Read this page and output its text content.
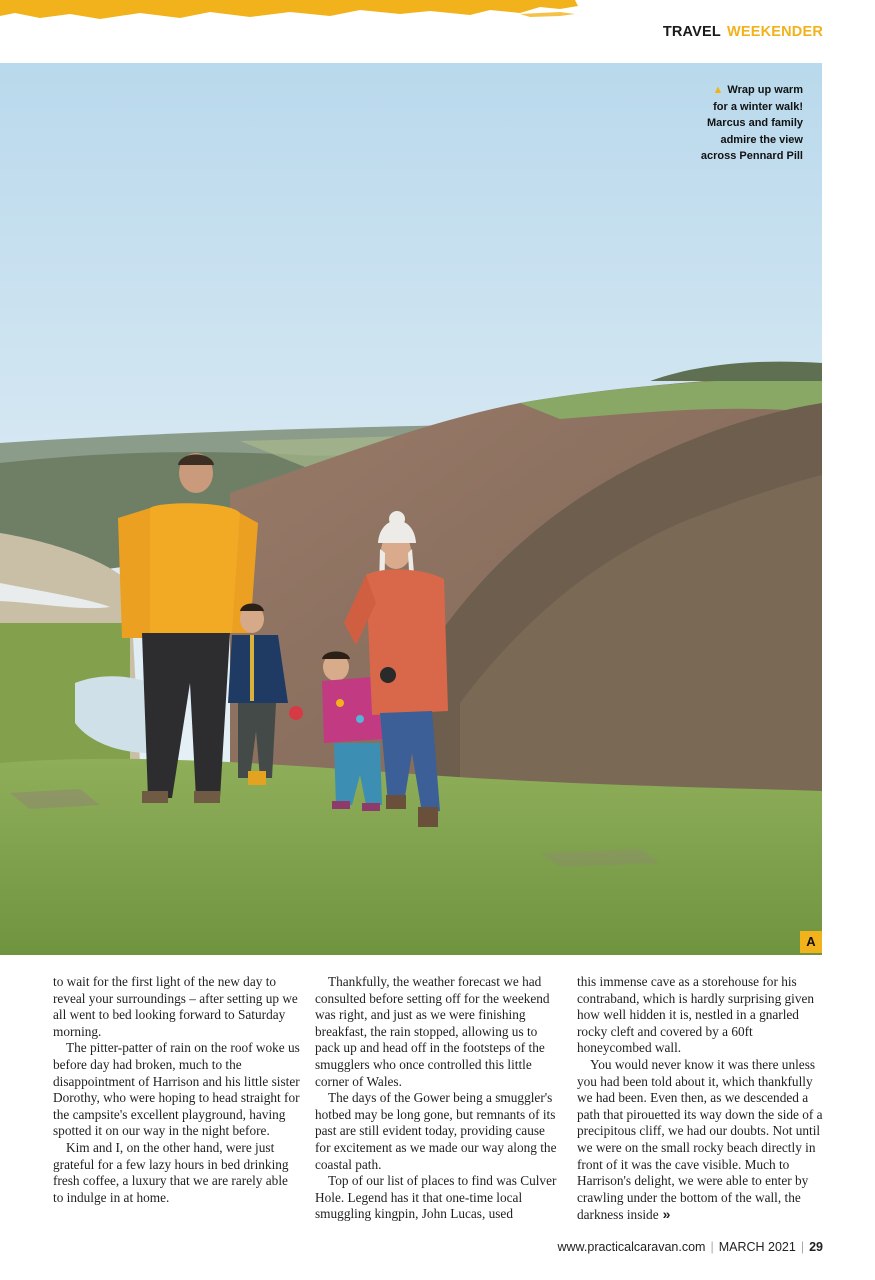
TRAVEL WEEKENDER
▲ Wrap up warm
for a winter walk!
Marcus and family
admire the view
across Pennard Pill
A

to wait for the first light of the new day to reveal your surroundings – after setting up we all went to bed looking forward to Saturday morning.

The pitter-patter of rain on the roof woke us before day had broken, much to the disappointment of Harrison and his little sister Dorothy, who were hoping to head straight for the campsite's excellent playground, having spotted it on our way in the night before.

Kim and I, on the other hand, were just grateful for a few lazy hours in bed drinking fresh coffee, a luxury that we are rarely able to indulge in at home.

Thankfully, the weather forecast we had consulted before setting off for the weekend was right, and just as we were finishing breakfast, the rain stopped, allowing us to pack up and head off in the footsteps of the smugglers who once controlled this little corner of Wales.

The days of the Gower being a smuggler's hotbed may be long gone, but remnants of its past are still evident today, providing cause for excitement as we made our way along the coastal path.

Top of our list of places to find was Culver Hole. Legend has it that one-time local smuggling kingpin, John Lucas, used

this immense cave as a storehouse for his contraband, which is hardly surprising given how well hidden it is, nestled in a gnarled rocky cleft and covered by a 60ft honeycombed wall.

You would never know it was there unless you had been told about it, which thankfully we had been. Even then, as we descended a path that pirouetted its way down the side of a precipitous cliff, we had our doubts. Not until we were on the small rocky beach directly in front of it was the cave visible. Much to Harrison's delight, we were able to enter by crawling under the bottom of the wall, the darkness inside »

www.practicalcaravan.com | MARCH 2021 | 29
